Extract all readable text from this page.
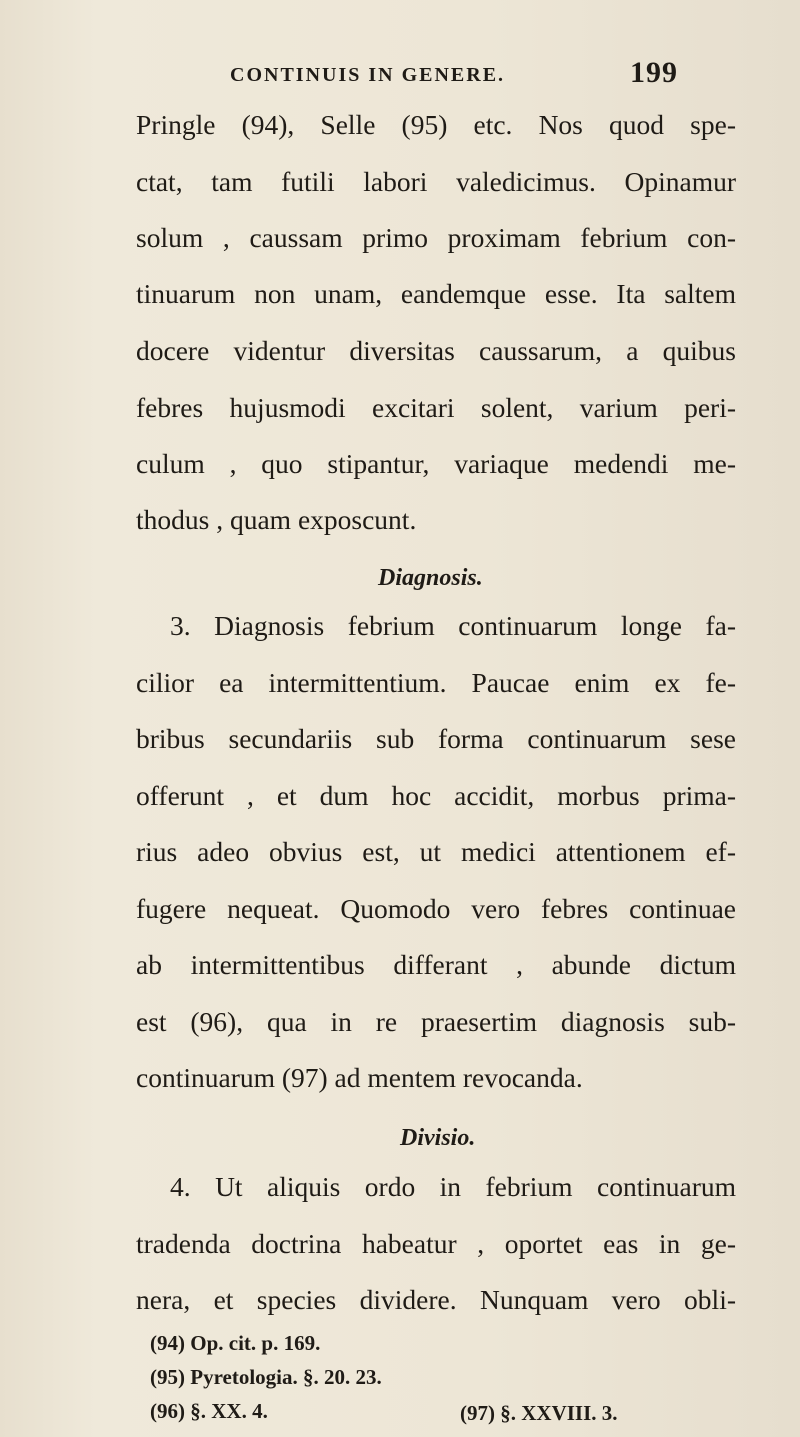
CONTINUIS IN GENERE.	199
Pringle (94), Selle (95) etc. Nos quod spe-
ctat, tam futili labori valedicimus. Opinamur
solum , caussam primo proximam febrium con-
tinuarum non unam, eandemque esse. Ita saltem
docere videntur diversitas caussarum, a quibus
febres hujusmodi excitari solent, varium peri-
culum , quo stipantur, variaque medendi me-
thodus , quam exposcunt.
Diagnosis.
3. Diagnosis febrium continuarum longe fa-
cilior ea intermittentium. Paucae enim ex fe-
bribus secundariis sub forma continuarum sese
offerunt , et dum hoc accidit, morbus prima-
rius adeo obvius est, ut medici attentionem ef-
fugere nequeat. Quomodo vero febres continuae
ab intermittentibus differant , abunde dictum
est (96), qua in re praesertim diagnosis sub-
continuarum (97) ad mentem revocanda.
Divisio.
4. Ut aliquis ordo in febrium continuarum
tradenda doctrina habeatur , oportet eas in ge-
nera, et species dividere. Nunquam vero obli-
(94) Op. cit. p. 169.
(95) Pyretologia. §. 20. 23.
(96) §. XX. 4.	(97) §. XXVIII. 3.
